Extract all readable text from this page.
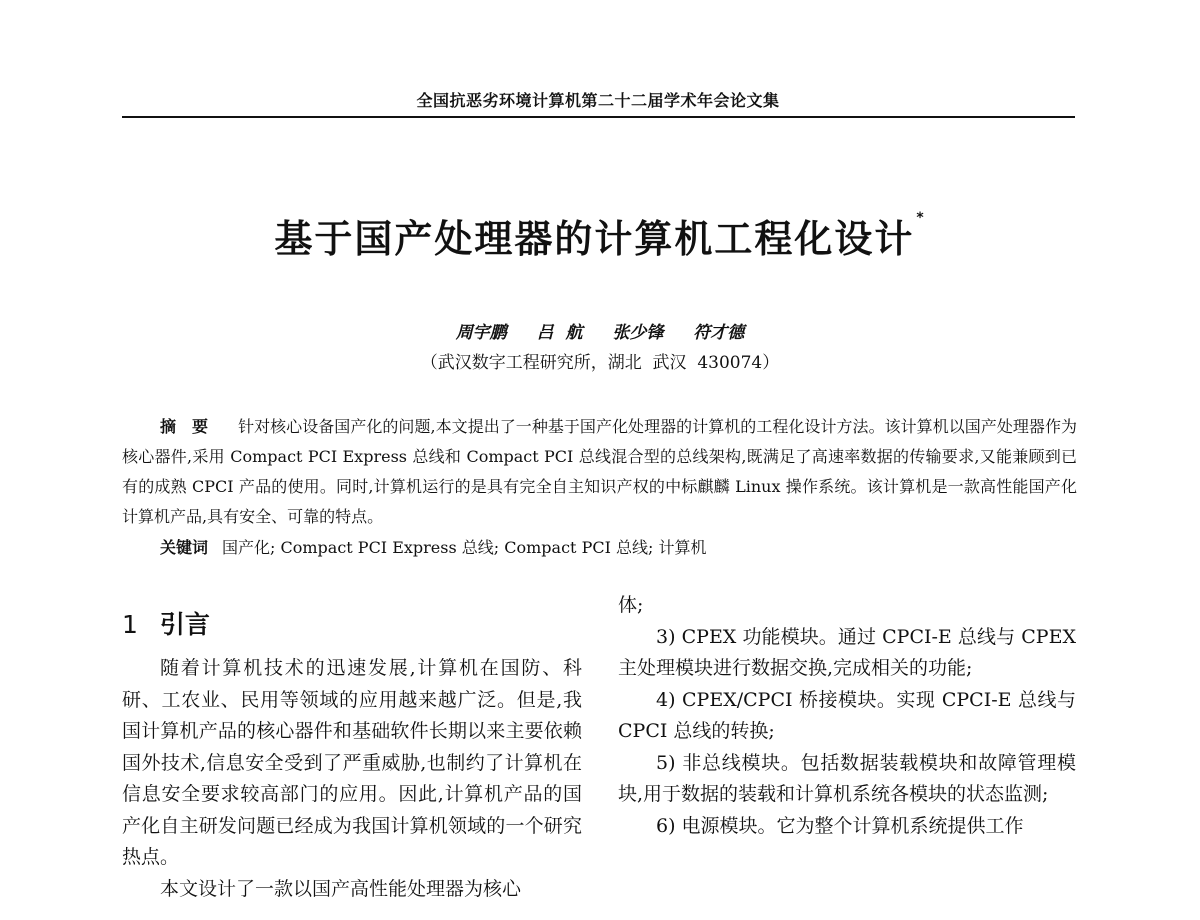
全国抗恶劣环境计算机第二十二届学术年会论文集
基于国产处理器的计算机工程化设计 *
周宇鹏 吕  航 张少锋 符才德
（武汉数字工程研究所，湖北  武汉  430074）
摘要 针对核心设备国产化的问题,本文提出了一种基于国产化处理器的计算机的工程化设计方法。该计算机以国产处理器作为核心器件,采用 Compact PCI Express 总线和 Compact PCI 总线混合型的总线架构,既满足了高速率数据的传输要求,又能兼顾到已有的成熟 CPCI 产品的使用。同时,计算机运行的是具有完全自主知识产权的中标麒麟 Linux 操作系统。该计算机是一款高性能国产化计算机产品,具有安全、可靠的特点。
关键词 国产化; Compact PCI Express 总线; Compact PCI 总线; 计算机
1 引言

随着计算机技术的迅速发展,计算机在国防、科研、工农业、民用等领域的应用越来越广泛。但是,我国计算机产品的核心器件和基础软件长期以来主要依赖国外技术,信息安全受到了严重威胁,也制约了计算机在信息安全要求较高部门的应用。因此,计算机产品的国产化自主研发问题已经成为我国计算机领域的一个研究热点。

本文设计了一款以国产高性能处理器为核心

体;

3) CPEX 功能模块。通过 CPCI-E 总线与 CPEX 主处理模块进行数据交换,完成相关的功能;

4) CPEX/CPCI 桥接模块。实现 CPCI-E 总线与 CPCI 总线的转换;

5) 非总线模块。包括数据装载模块和故障管理模块,用于数据的装载和计算机系统各模块的状态监测;

6) 电源模块。它为整个计算机系统提供工作
